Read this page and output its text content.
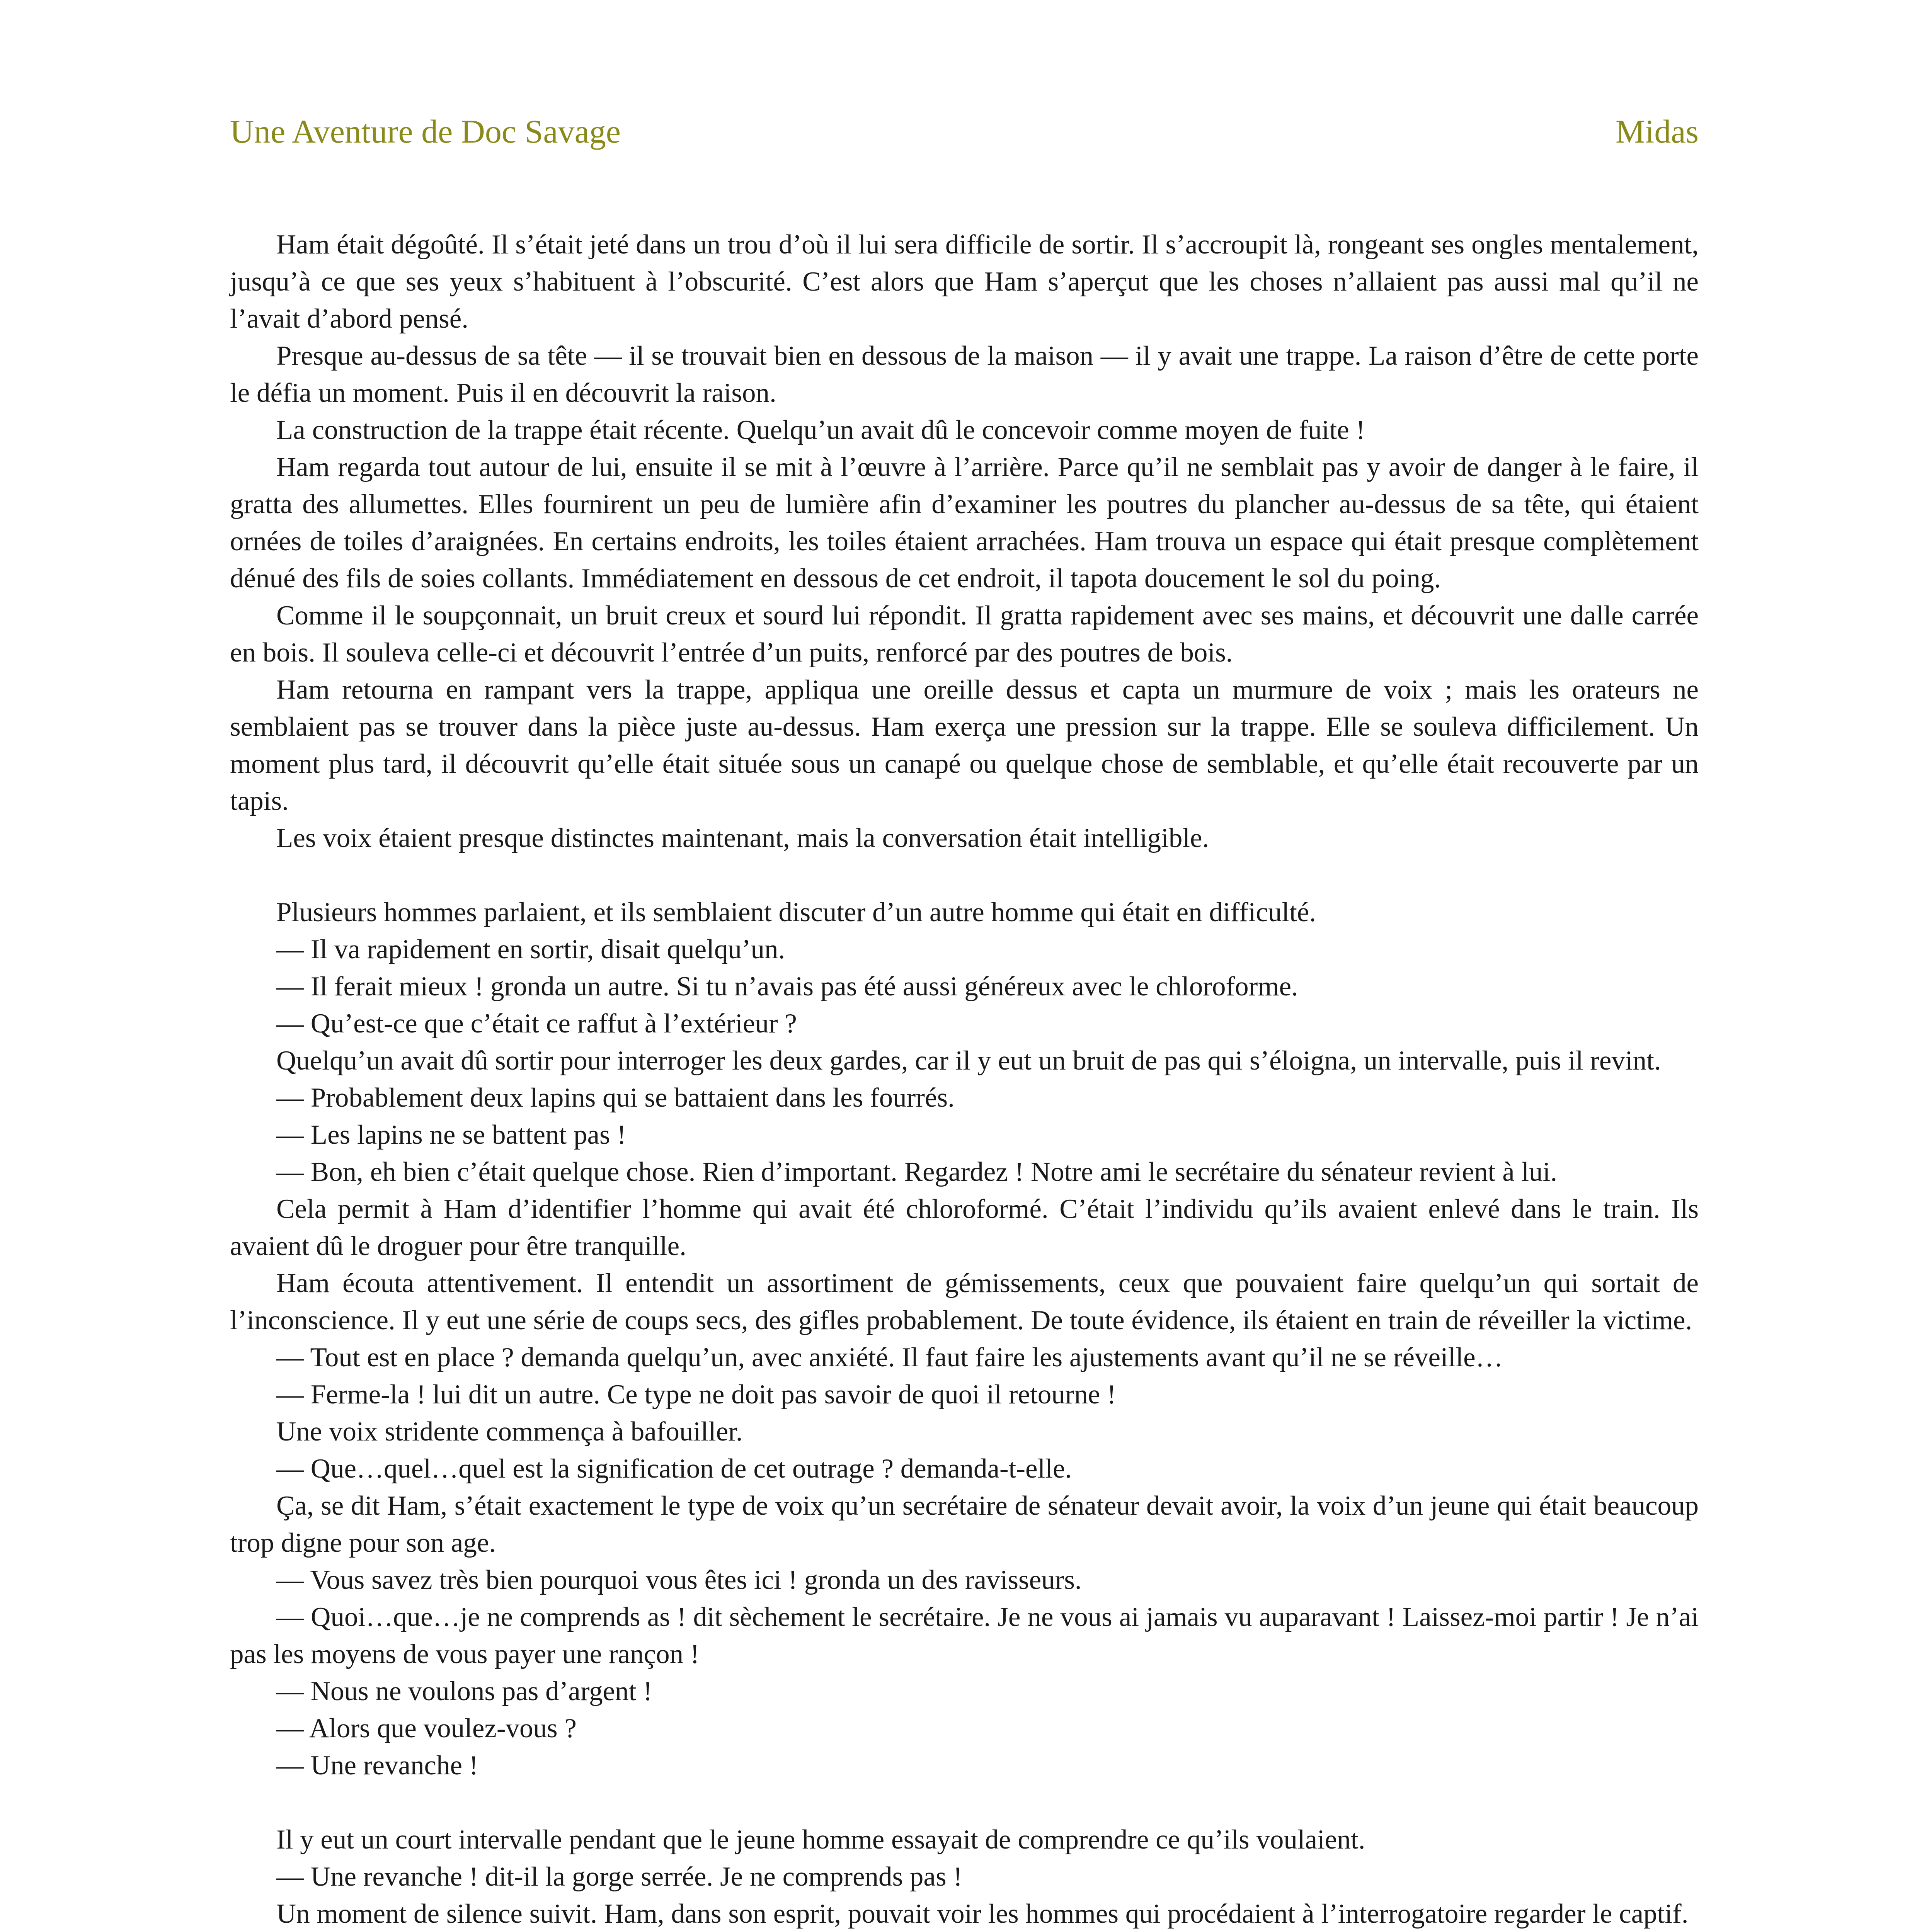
Une Aventure de Doc Savage	Midas

Ham était dégoûté. Il s’était jeté dans un trou d’où il lui sera difficile de sortir. Il s’accroupit là, rongeant ses ongles mentalement, jusqu’à ce que ses yeux s’habituent à l’obscurité. C’est alors que Ham s’aperçut que les choses n’allaient pas aussi mal qu’il ne l’avait d’abord pensé.

Presque au-dessus de sa tête — il se trouvait bien en dessous de la maison — il y avait une trappe. La raison d’être de cette porte le défia un moment. Puis il en découvrit la raison.

La construction de la trappe était récente. Quelqu’un avait dû le concevoir comme moyen de fuite !

Ham regarda tout autour de lui, ensuite il se mit à l’œuvre à l’arrière. Parce qu’il ne semblait pas y avoir de danger à le faire, il gratta des allumettes. Elles fournirent un peu de lumière afin d’examiner les poutres du plancher au-dessus de sa tête, qui étaient ornées de toiles d’araignées. En certains endroits, les toiles étaient arrachées. Ham trouva un espace qui était presque complètement dénué des fils de soies collants. Immédiatement en dessous de cet endroit, il tapota doucement le sol du poing.

Comme il le soupçonnait, un bruit creux et sourd lui répondit. Il gratta rapidement avec ses mains, et découvrit une dalle carrée en bois. Il souleva celle-ci et découvrit l’entrée d’un puits, renforcé par des poutres de bois.

Ham retourna en rampant vers la trappe, appliqua une oreille dessus et capta un murmure de voix ; mais les orateurs ne semblaient pas se trouver dans la pièce juste au-dessus. Ham exerça une pression sur la trappe. Elle se souleva difficilement. Un moment plus tard, il découvrit qu’elle était située sous un canapé ou quelque chose de semblable, et qu’elle était recouverte par un tapis.

Les voix étaient presque distinctes maintenant, mais la conversation était intelligible.

Plusieurs hommes parlaient, et ils semblaient discuter d’un autre homme qui était en difficulté.

— Il va rapidement en sortir, disait quelqu’un.

— Il ferait mieux ! gronda un autre. Si tu n’avais pas été aussi généreux avec le chloroforme.

— Qu’est-ce que c’était ce raffut à l’extérieur ?

Quelqu’un avait dû sortir pour interroger les deux gardes, car il y eut un bruit de pas qui s’éloigna, un intervalle, puis il revint.

— Probablement deux lapins qui se battaient dans les fourrés.

— Les lapins ne se battent pas !

— Bon, eh bien c’était quelque chose. Rien d’important. Regardez ! Notre ami le secrétaire du sénateur revient à lui.

Cela permit à Ham d’identifier l’homme qui avait été chloroformé. C’était l’individu qu’ils avaient enlevé dans le train. Ils avaient dû le droguer pour être tranquille.

Ham écouta attentivement. Il entendit un assortiment de gémissements, ceux que pouvaient faire quelqu’un qui sortait de l’inconscience. Il y eut une série de coups secs, des gifles probablement. De toute évidence, ils étaient en train de réveiller la victime.

— Tout est en place ? demanda quelqu’un, avec anxiété. Il faut faire les ajustements avant qu’il ne se réveille…

— Ferme-la ! lui dit un autre. Ce type ne doit pas savoir de quoi il retourne !

Une voix stridente commença à bafouiller.

— Que…quel…quel est la signification de cet outrage ? demanda-t-elle.

Ça, se dit Ham, s’était exactement le type de voix qu’un secrétaire de sénateur devait avoir, la voix d’un jeune qui était beaucoup trop digne pour son age.

— Vous savez très bien pourquoi vous êtes ici ! gronda un des ravisseurs.

— Quoi…que…je ne comprends as ! dit sèchement le secrétaire. Je ne vous ai jamais vu auparavant ! Laissez-moi partir ! Je n’ai pas les moyens de vous payer une rançon !

— Nous ne voulons pas d’argent !

— Alors que voulez-vous ?

— Une revanche !

Il y eut un court intervalle pendant que le jeune homme essayait de comprendre ce qu’ils voulaient.

— Une revanche ! dit-il la gorge serrée. Je ne comprends pas !

Un moment de silence suivit. Ham, dans son esprit, pouvait voir les hommes qui procédaient à l’interrogatoire regarder le captif.
